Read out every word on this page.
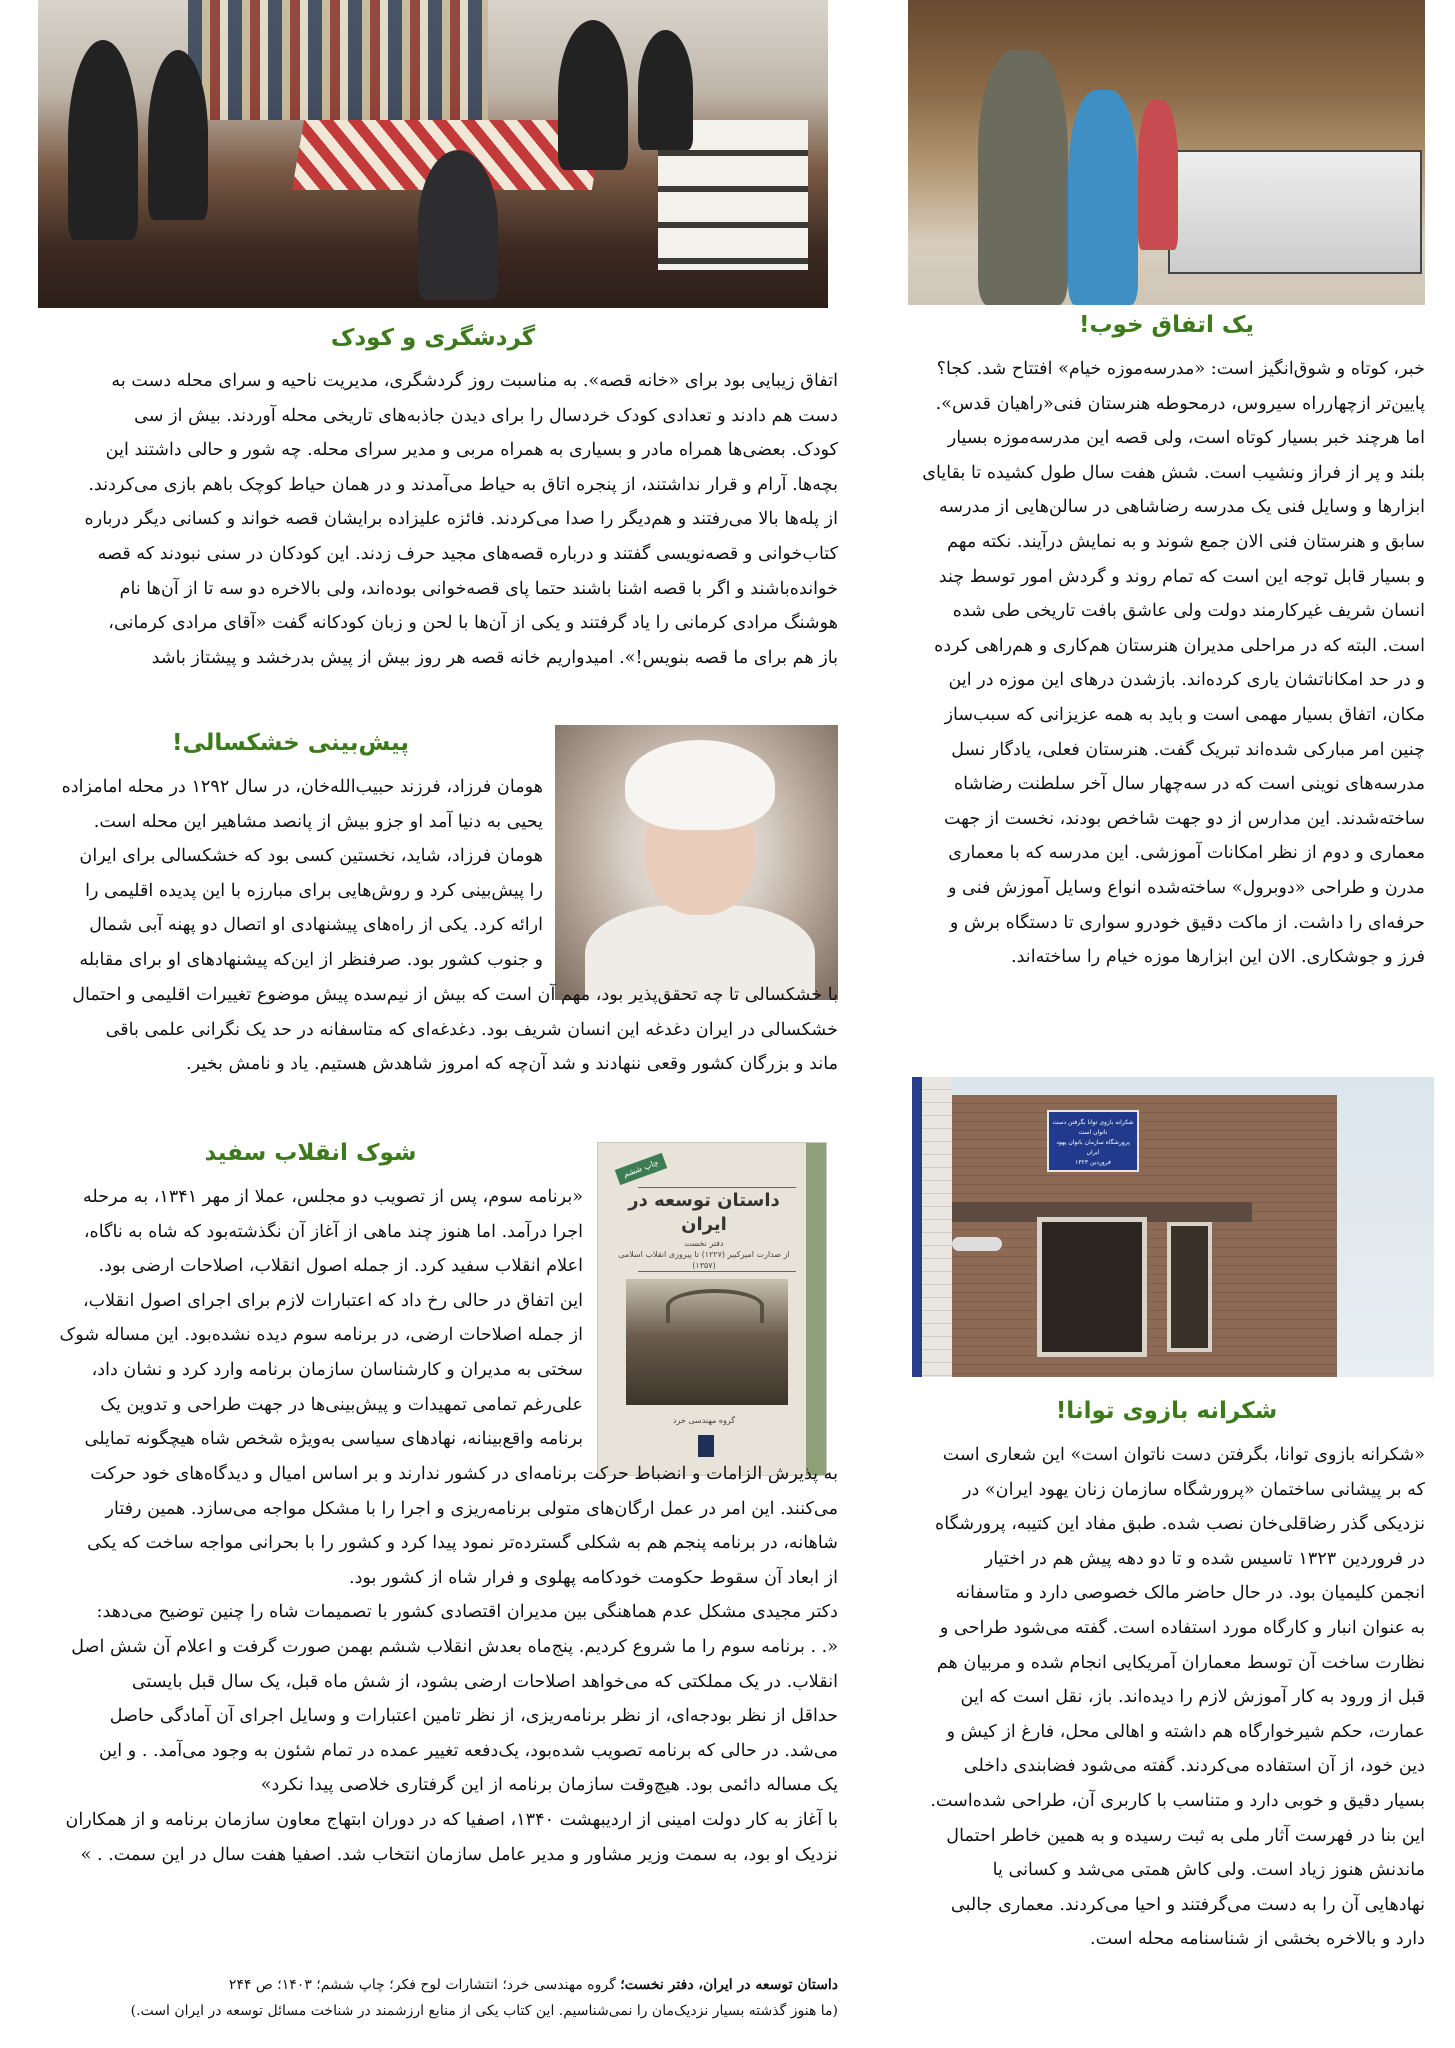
چاپ ششم
داستان توسعه در ایران
دفتر نخست
از صدارت امیرکبیر (۱۲۲۷) تا پیروزی انقلاب اسلامی (۱۳۵۷)
گروه مهندسی خرد
شکرانه بازوی توانا بگرفتن دست ناتوان است
پرورشگاه سازمان بانوان یهود ایران
فروردین ۱۳۲۳
یک اتفاق خوب!

خبر، کوتاه و شوق‌انگیز است: «مدرسه‌موزه خیام» افتتاح شد. کجا؟

پایین‌تر ازچهارراه سیروس، درمحوطه هنرستان فنی«راهیان قدس».

اما هرچند خبر بسیار کوتاه است، ولی قصه این مدرسه‌موزه بسیار

بلند و پر از فراز ونشیب است. شش هفت سال طول کشیده تا بقایای

ابزارها و وسایل فنی یک مدرسه رضاشاهی در سالن‌هایی از مدرسه

سابق و هنرستان فنی الان جمع شوند و به نمایش درآیند. نکته مهم

و بسیار قابل توجه این است که تمام روند و گردش امور توسط چند

انسان شریف غیرکارمند دولت ولی عاشق بافت تاریخی طی شده

است. البته که در مراحلی مدیران هنرستان هم‌کاری و هم‌راهی کرده

و در حد امکاناتشان یاری کرده‌اند. بازشدن درهای این موزه در این

مکان، اتفاق بسیار مهمی است و باید به همه عزیزانی که سبب‌ساز

چنین امر مبارکی شده‌اند تبریک گفت. هنرستان فعلی، یادگار نسل

مدرسه‌های نوینی است که در سه‌چهار سال آخر سلطنت رضاشاه

ساخته‌شدند. این مدارس از دو جهت شاخص بودند، نخست از جهت

معماری و دوم از نظر امکانات آموزشی. این مدرسه که با معماری

مدرن و طراحی «دوبرول» ساخته‌شده انواع وسایل آموزش فنی و

حرفه‌ای را داشت. از ماکت دقیق خودرو سواری تا دستگاه برش و

فرز و جوشکاری. الان این ابزارها موزه خیام را ساخته‌اند.

شکرانه بازوی توانا!

«شکرانه بازوی توانا، بگرفتن دست ناتوان است» این شعاری است

که بر پیشانی ساختمان «پرورشگاه سازمان زنان یهود ایران» در

نزدیکی گذر رضاقلی‌خان نصب شده. طبق مفاد این کتیبه، پرورشگاه

در فروردین ۱۳۲۳ تاسیس شده و تا دو دهه پیش هم در اختیار

انجمن کلیمیان بود. در حال حاضر مالک خصوصی دارد و متاسفانه

به عنوان انبار و کارگاه مورد استفاده است. گفته می‌شود طراحی و

نظارت ساخت آن توسط معماران آمریکایی انجام شده و مربیان هم

قبل از ورود به کار آموزش لازم را دیده‌اند. باز، نقل است که این

عمارت، حکم شیرخوارگاه هم داشته و اهالی محل، فارغ از کیش و

دین خود، از آن استفاده می‌کردند. گفته می‌شود فضابندی داخلی

بسیار دقیق و خوبی دارد و متناسب با کاربری آن، طراحی شده‌است.

این بنا در فهرست آثار ملی به ثبت رسیده و به همین خاطر احتمال

ماندنش هنوز زیاد است. ولی کاش همتی می‌شد و کسانی یا

نهادهایی آن را به دست می‌گرفتند و احیا می‌کردند. معماری جالبی

دارد و بالاخره بخشی از شناسنامه محله است.

گردشگری و کودک

اتفاق زیبایی بود برای «خانه قصه». به مناسبت روز گردشگری، مدیریت ناحیه و سرای محله دست به

دست هم دادند و تعدادی کودک خردسال را برای دیدن جاذبه‌های تاریخی محله آوردند. بیش از سی

کودک. بعضی‌ها همراه مادر و بسیاری به همراه مربی و مدیر سرای محله. چه شور و حالی داشتند این

بچه‌ها. آرام و قرار نداشتند، از پنجره اتاق به حیاط می‌آمدند و در همان حیاط کوچک باهم بازی می‌کردند.

از پله‌ها بالا می‌رفتند و هم‌دیگر را صدا می‌کردند. فائزه علیزاده برایشان قصه خواند و کسانی دیگر درباره

کتاب‌خوانی و قصه‌نویسی گفتند و درباره قصه‌های مجید حرف زدند. این کودکان در سنی نبودند که قصه

خوانده‌باشند و اگر با قصه اشنا باشند حتما پای قصه‌خوانی بوده‌اند، ولی بالاخره دو سه تا از آن‌ها نام

هوشنگ مرادی کرمانی را یاد گرفتند و یکی از آن‌ها با لحن و زبان کودکانه گفت «آقای مرادی کرمانی،

باز هم برای ما قصه بنویس!». امیدواریم خانه قصه هر روز بیش از پیش بدرخشد و پیشتاز باشد

پیش‌بینی خشکسالی!

هومان فرزاد، فرزند حبیب‌الله‌خان، در سال ۱۲۹۲ در محله امامزاده

یحیی به دنیا آمد او جزو بیش از پانصد مشاهیر این محله است.

هومان فرزاد، شاید، نخستین کسی بود که خشکسالی برای ایران

را پیش‌بینی کرد و روش‌هایی برای مبارزه با این پدیده اقلیمی را

ارائه کرد. یکی از راه‌های پیشنهادی او اتصال دو پهنه آبی شمال

و جنوب کشور بود. صرفنظر از این‌که پیشنهادهای او برای مقابله

با خشکسالی تا چه تحقق‌پذیر بود، مهم آن است که بیش از نیم‌سده پیش موضوع تغییرات اقلیمی و احتمال

خشکسالی در ایران دغدغه این انسان شریف بود. دغدغه‌ای که متاسفانه در حد یک نگرانی علمی باقی

ماند و بزرگان کشور وقعی ننهادند و شد آن‌چه که امروز شاهدش هستیم. یاد و نامش بخیر.

شوک انقلاب سفید

«برنامه سوم، پس از تصویب دو مجلس، عملا از مهر ۱۳۴۱، به مرحله

اجرا درآمد. اما هنوز چند ماهی از آغاز آن نگذشته‌بود که شاه به ناگاه،

اعلام انقلاب سفید کرد. از جمله اصول انقلاب، اصلاحات ارضی بود.

این اتفاق در حالی رخ داد که اعتبارات لازم برای اجرای اصول انقلاب،

از جمله اصلاحات ارضی، در برنامه سوم دیده نشده‌بود. این مساله شوک

سختی به مدیران و کارشناسان سازمان برنامه وارد کرد و نشان داد،

علی‌رغم تمامی تمهیدات و پیش‌بینی‌ها در جهت طراحی و تدوین یک

برنامه واقع‌بینانه، نهادهای سیاسی به‌ویژه شخص شاه هیچگونه تمایلی

به پذیرش الزامات و انضباط حرکت برنامه‌ای در کشور ندارند و بر اساس امیال و دیدگاه‌های خود حرکت

می‌کنند. این امر در عمل ارگان‌های متولی برنامه‌ریزی و اجرا را با مشکل مواجه می‌سازد. همین رفتار

شاهانه، در برنامه پنجم هم به شکلی گسترده‌تر نمود پیدا کرد و کشور را با بحرانی مواجه ساخت که یکی

از ابعاد آن سقوط حکومت خودکامه پهلوی و فرار شاه از کشور بود.

دکتر مجیدی مشکل عدم هماهنگی بین مدیران اقتصادی کشور با تصمیمات شاه را چنین توضیح می‌دهد:

«. . برنامه سوم را ما شروع کردیم. پنج‌ماه بعدش انقلاب ششم بهمن صورت گرفت و اعلام آن شش اصل

انقلاب. در یک مملکتی که می‌خواهد اصلاحات ارضی بشود، از شش ماه قبل، یک سال قبل بایستی

حداقل از نظر بودجه‌ای، از نظر برنامه‌ریزی، از نظر تامین اعتبارات و وسایل اجرای آن آمادگی حاصل

می‌شد. در حالی که برنامه تصویب شده‌بود، یک‌دفعه تغییر عمده در تمام شئون به وجود می‌آمد. . و این

یک مساله دائمی بود. هیچ‌وقت سازمان برنامه از این گرفتاری خلاصی پیدا نکرد»

با آغاز به کار دولت امینی از اردیبهشت ۱۳۴۰، اصفیا که در دوران ابتهاج معاون سازمان برنامه و از همکاران

نزدیک او بود، به سمت وزیر مشاور و مدیر عامل سازمان انتخاب شد. اصفیا هفت سال در این سمت. . »

داستان توسعه در ایران، دفتر نخست؛ گروه مهندسی خرد؛ انتشارات لوح فکر؛ چاپ ششم؛ ۱۴۰۳؛ ص ۲۴۴
(ما هنوز گذشته بسیار نزدیک‌مان را نمی‌شناسیم. این کتاب یکی از منابع ارزشمند در شناخت مسائل توسعه در ایران است.)
